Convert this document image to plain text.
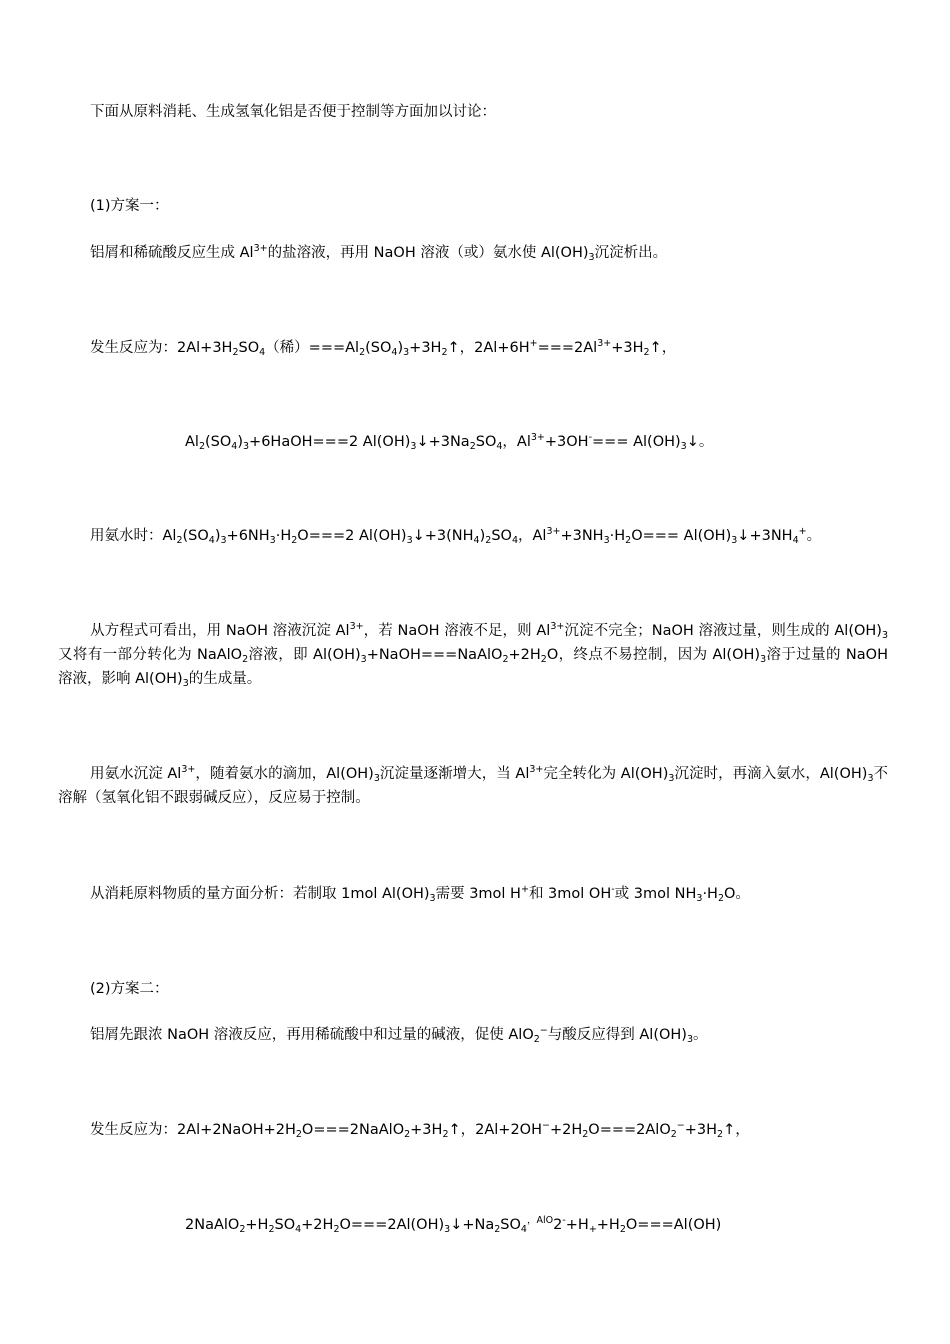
下面从原料消耗、生成氢氧化铝是否便于控制等方面加以讨论：
(1)方案一：
铝屑和稀硫酸反应生成 $Al^{3+}$的盐溶液，再用 NaOH 溶液（或）氨水使 $Al(OH)_3$沉淀析出。
发生反应为：$2Al+3H_2SO_4$（稀）$===Al_2(SO_4)_3+3H_2↑$，$2Al+6H^+===2Al^{3+}+3H_2↑$，
$Al_2(SO_4)_3+6HaOH===2$ $Al(OH)_3↓+3Na_2SO_4$，$Al^{3+}+3OH^-===$ $Al(OH)_3↓$。
用氨水时：$Al_2(SO_4)_3+6NH_3\cdot H_2O===2$ $Al(OH)_3↓+3(NH_4)_2SO_4$，$Al^{3+}+3NH_3\cdot H_2O===$ $Al(OH)_3↓+3NH_4^+$。
从方程式可看出，用 NaOH 溶液沉淀 $Al^{3+}$，若 NaOH 溶液不足，则 $Al^{3+}$沉淀不完全；NaOH 溶液过量，则生成的 $Al(OH)_3$又将有一部分转化为 NaAlO$_2$溶液，即 $Al(OH)_3+NaOH===NaAlO_2+2H_2O$，终点不易控制，因为 $Al(OH)_3$溶于过量的 NaOH 溶液，影响 $Al(OH)_3$的生成量。
用氨水沉淀 $Al^{3+}$，随着氨水的滴加，$Al(OH)_3$沉淀量逐渐增大，当 $Al^{3+}$完全转化为 $Al(OH)_3$沉淀时，再滴入氨水，$Al(OH)_3$不溶解（氢氧化铝不跟弱碱反应），反应易于控制。
从消耗原料物质的量方面分析：若制取 1mol $Al(OH)_3$需要 3mol H+和 3mol OH-或 3mol $NH_3\cdot H_2O$。
(2)方案二：
铝屑先跟浓 NaOH 溶液反应，再用稀硫酸中和过量的碱液，促使 AlO$_2$−与酸反应得到 $Al(OH)_3$。
发生反应为：$2Al+2NaOH+2H_2O===2NaAlO_2+3H_2↑$，$2Al+2OH^-+2H_2O===2AlO_2^-+3H_2↑$，
$2NaAlO_2+H_2SO_4+2H_2O===2Al(OH)_3↓+Na_2SO_4^{,AlO}2^-+H_++H_2O===Al(OH)$
